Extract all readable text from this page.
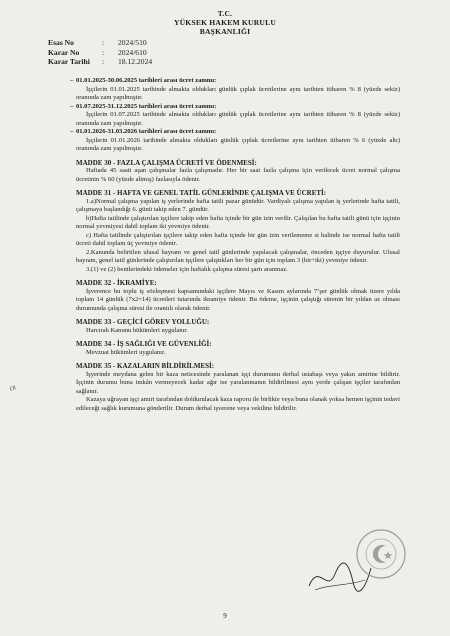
T.C.
YÜKSEK HAKEM KURULU
BAŞKANLIĞI
Esas No	:	2024/510
Karar No	:	2024/610
Karar Tarihi	:	18.12.2024

– 01.01.2025-30.06.2025 tarihleri arası ücret zammı:

İşçilerin 01.01.2025 tarihinde almakta oldukları günlük çıplak ücretlerine aynı tarihten itibaren % 8 (yüzde sekiz) oranında zam yapılmıştır.

– 01.07.2025-31.12.2025 tarihleri arası ücret zammı:

İşçilerin 01.07.2025 tarihinde almakta oldukları günlük çıplak ücretlerine aynı tarihten itibaren % 8 (yüzde sekiz) oranında zam yapılmıştır.

– 01.01.2026-31.03.2026 tarihleri arası ücret zammı:

İşçilerin 01.01.2026 tarihinde almakta oldukları günlük çıplak ücretlerine aynı tarihten itibaren % 6 (yüzde altı) oranında zam yapılmıştır.

MADDE 30 - FAZLA ÇALIŞMA ÜCRETİ VE ÖDENMESİ:

Haftada 45 saati aşan çalışmalar fazla çalışmadır. Her bir saat fazla çalışma için verilecek ücret normal çalışma ücretinin % 60 (yüzde altmış) fazlasıyla ödenir.

MADDE 31 - HAFTA VE GENEL TATİL GÜNLERİNDE ÇALIŞMA VE ÜCRETİ:

1.a)Normal çalışma yapılan iş yerlerinde hafta tatili pazar günüdür. Vardiyalı çalışma yapılan iş yerlerinde hafta tatili, çalışmaya başlandığı 6. günü takip eden 7. gündür.

b)Hafta tatilinde çalıştırılan işçilere takip eden hafta içinde bir gün izin verilir. Çalışılan bu hafta tatili günü için işçinin normal yevmiyesi dahil toplam iki yevmiye ödenir.

c) Hafta tatilinde çalıştırılan işçilere takip eden hafta içinde bir gün izin verilememe si halinde ise normal hafta tatili ücreti dahil toplam üç yevmiye ödenir.

2.Kanunda belirtilen ulusal bayram ve genel tatil günlerinde yapılacak çalışmalar, önceden işçiye duyurulur. Ulusal bayram, genel tatil günlerinde çalıştırılan işçilere çalıştıkları her bir gün için toplam 3 (bir+iki) yevmiye ödenir.

3.(1) ve (2) bentlerindeki ödemeler için haftalık çalışma süresi şartı aranmaz.

MADDE 32 - İKRAMİYE:

İşverence bu toplu iş sözleşmesi kapsamındaki işçilere Mayıs ve Kasım aylarında 7’şer günlük olmak üzere yılda toplam 14 günlük (7x2=14) ücretleri tutarında ikramiye ödenir. Bu ödeme, işçinin çalıştığı sürenin bir yıldan az olması durumunda çalışma süresi ile orantılı olarak ödenir.

MADDE 33 - GEÇİCİ GÖREV YOLLUĞU:

Harcırah Kanunu hükümleri uygulanır.

MADDE 34 - İŞ SAĞLIĞI VE GÜVENLİĞİ:

Mevzuat hükümleri uygulanır.

MADDE 35 - KAZALARIN BİLDİRİLMESİ:

İşyerinde meydana gelen bir kaza neticesinde yaralanan işçi durumunu derhal ustabaşı veya yakın amirine bildirir. İşçinin durumu buna imkân vermeyecek kadar ağır ise yaralanmanın bildirilmesi aynı yerde çalışan işçiler tarafından sağlanır.

Kazaya uğrayan işçi amiri tarafından doldurulacak kaza raporu ile birlikte veya buna olanak yoksa hemen işçinin tedavi edileceği sağlık kurumuna gönderilir. Durum derhal işverene veya vekiline bildirilir.

Ol
9
